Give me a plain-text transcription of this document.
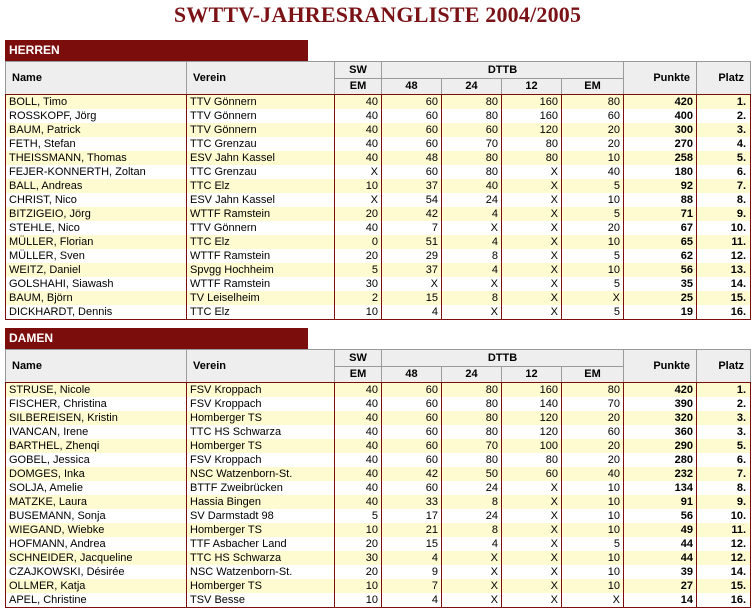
SWTTV-JAHRESRANGLISTE 2004/2005
HERREN
Name	Verein	SW	DTTB				Punkte	Platz
		EM	48	24	12	EM		
BOLL, Timo	TTV Gönnern	40	60	80	160	80	420	1.
ROSSKOPF, Jörg	TTV Gönnern	40	60	80	160	60	400	2.
BAUM, Patrick	TTV Gönnern	40	60	60	120	20	300	3.
FETH, Stefan	TTC Grenzau	40	60	70	80	20	270	4.
THEISSMANN, Thomas	ESV Jahn Kassel	40	48	80	80	10	258	5.
FEJER-KONNERTH, Zoltan	TTC Grenzau	X	60	80	X	40	180	6.
BALL, Andreas	TTC Elz	10	37	40	X	5	92	7.
CHRIST, Nico	ESV Jahn Kassel	X	54	24	X	10	88	8.
BITZIGEIO, Jörg	WTTF Ramstein	20	42	4	X	5	71	9.
STEHLE, Nico	TTV Gönnern	40	7	X	X	20	67	10.
MÜLLER, Florian	TTC Elz	0	51	4	X	10	65	11.
MÜLLER, Sven	WTTF Ramstein	20	29	8	X	5	62	12.
WEITZ, Daniel	Spvgg Hochheim	5	37	4	X	10	56	13.
GOLSHAHI, Siawash	WTTF Ramstein	30	X	X	X	5	35	14.
BAUM, Björn	TV Leiselheim	2	15	8	X	X	25	15.
DICKHARDT, Dennis	TTC Elz	10	4	X	X	5	19	16.
DAMEN
Name	Verein	SW	DTTB				Punkte	Platz
		EM	48	24	12	EM		
STRUSE, Nicole	FSV Kroppach	40	60	80	160	80	420	1.
FISCHER, Christina	FSV Kroppach	40	60	80	140	70	390	2.
SILBEREISEN, Kristin	Homberger TS	40	60	80	120	20	320	3.
IVANCAN, Irene	TTC HS Schwarza	40	60	80	120	60	360	3.
BARTHEL, Zhenqi	Homberger TS	40	60	70	100	20	290	5.
GOBEL, Jessica	FSV Kroppach	40	60	80	80	20	280	6.
DOMGES, Inka	NSC Watzenborn-St.	40	42	50	60	40	232	7.
SOLJA, Amelie	BTTF Zweibrücken	40	60	24	X	10	134	8.
MATZKE, Laura	Hassia Bingen	40	33	8	X	10	91	9.
BUSEMANN, Sonja	SV Darmstadt 98	5	17	24	X	10	56	10.
WIEGAND, Wiebke	Homberger TS	10	21	8	X	10	49	11.
HOFMANN, Andrea	TTF Asbacher Land	20	15	4	X	5	44	12.
SCHNEIDER, Jacqueline	TTC HS Schwarza	30	4	X	X	10	44	12.
CZAJKOWSKI, Désirée	NSC Watzenborn-St.	20	9	X	X	10	39	14.
OLLMER, Katja	Homberger TS	10	7	X	X	10	27	15.
APEL, Christine	TSV Besse	10	4	X	X	X	14	16.
